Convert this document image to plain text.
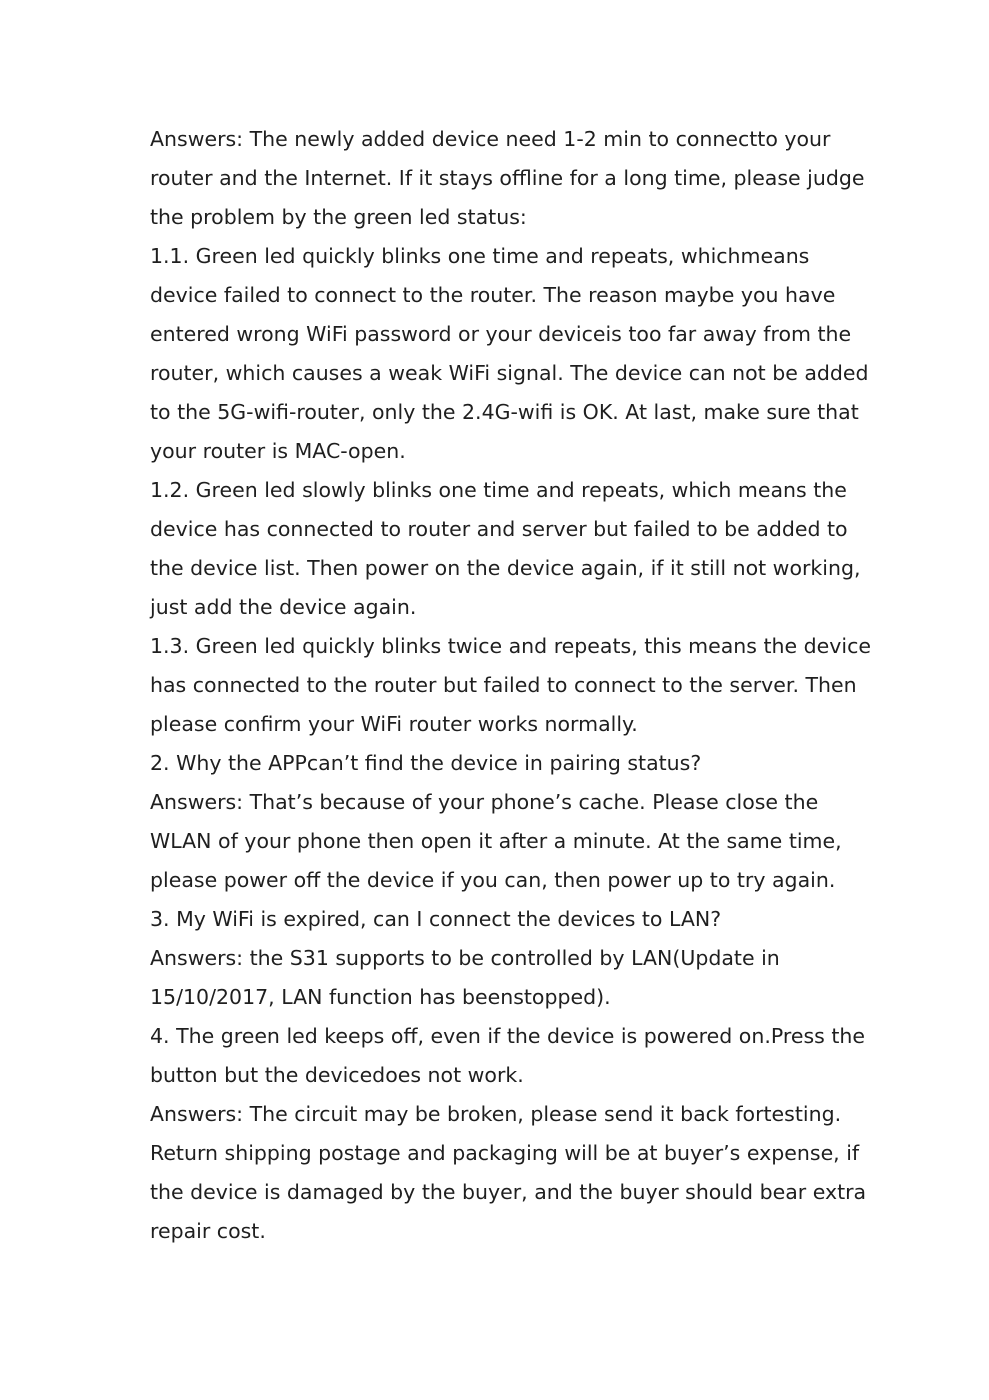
Answers: The newly added device need 1-2 min to connectto your
router and the Internet. If it stays offline for a long time, please judge
the problem by the green led status:
1.1. Green led quickly blinks one time and repeats, whichmeans
device failed to connect to the router. The reason maybe you have
entered wrong WiFi password or your deviceis too far away from the
router, which causes a weak WiFi signal. The device can not be added
to the 5G-wifi-router, only the 2.4G-wifi is OK. At last, make sure that
your router is MAC-open.
1.2. Green led slowly blinks one time and repeats, which means the
device has connected to router and server but failed to be added to
the device list. Then power on the device again, if it still not working,
just add the device again.
1.3. Green led quickly blinks twice and repeats, this means the device
has connected to the router but failed to connect to the server. Then
please confirm your WiFi router works normally.
2. Why the APPcan’t find the device in pairing status?
Answers: That’s because of your phone’s cache. Please close the
WLAN of your phone then open it after a minute. At the same time,
please power off the device if you can, then power up to try again.
3. My WiFi is expired, can I connect the devices to LAN?
Answers: the S31 supports to be controlled by LAN(Update in
15/10/2017, LAN function has beenstopped).
4. The green led keeps off, even if the device is powered on.Press the
button but the devicedoes not work.
Answers: The circuit may be broken, please send it back fortesting.
Return shipping postage and packaging will be at buyer’s expense, if
the device is damaged by the buyer, and the buyer should bear extra
repair cost.
